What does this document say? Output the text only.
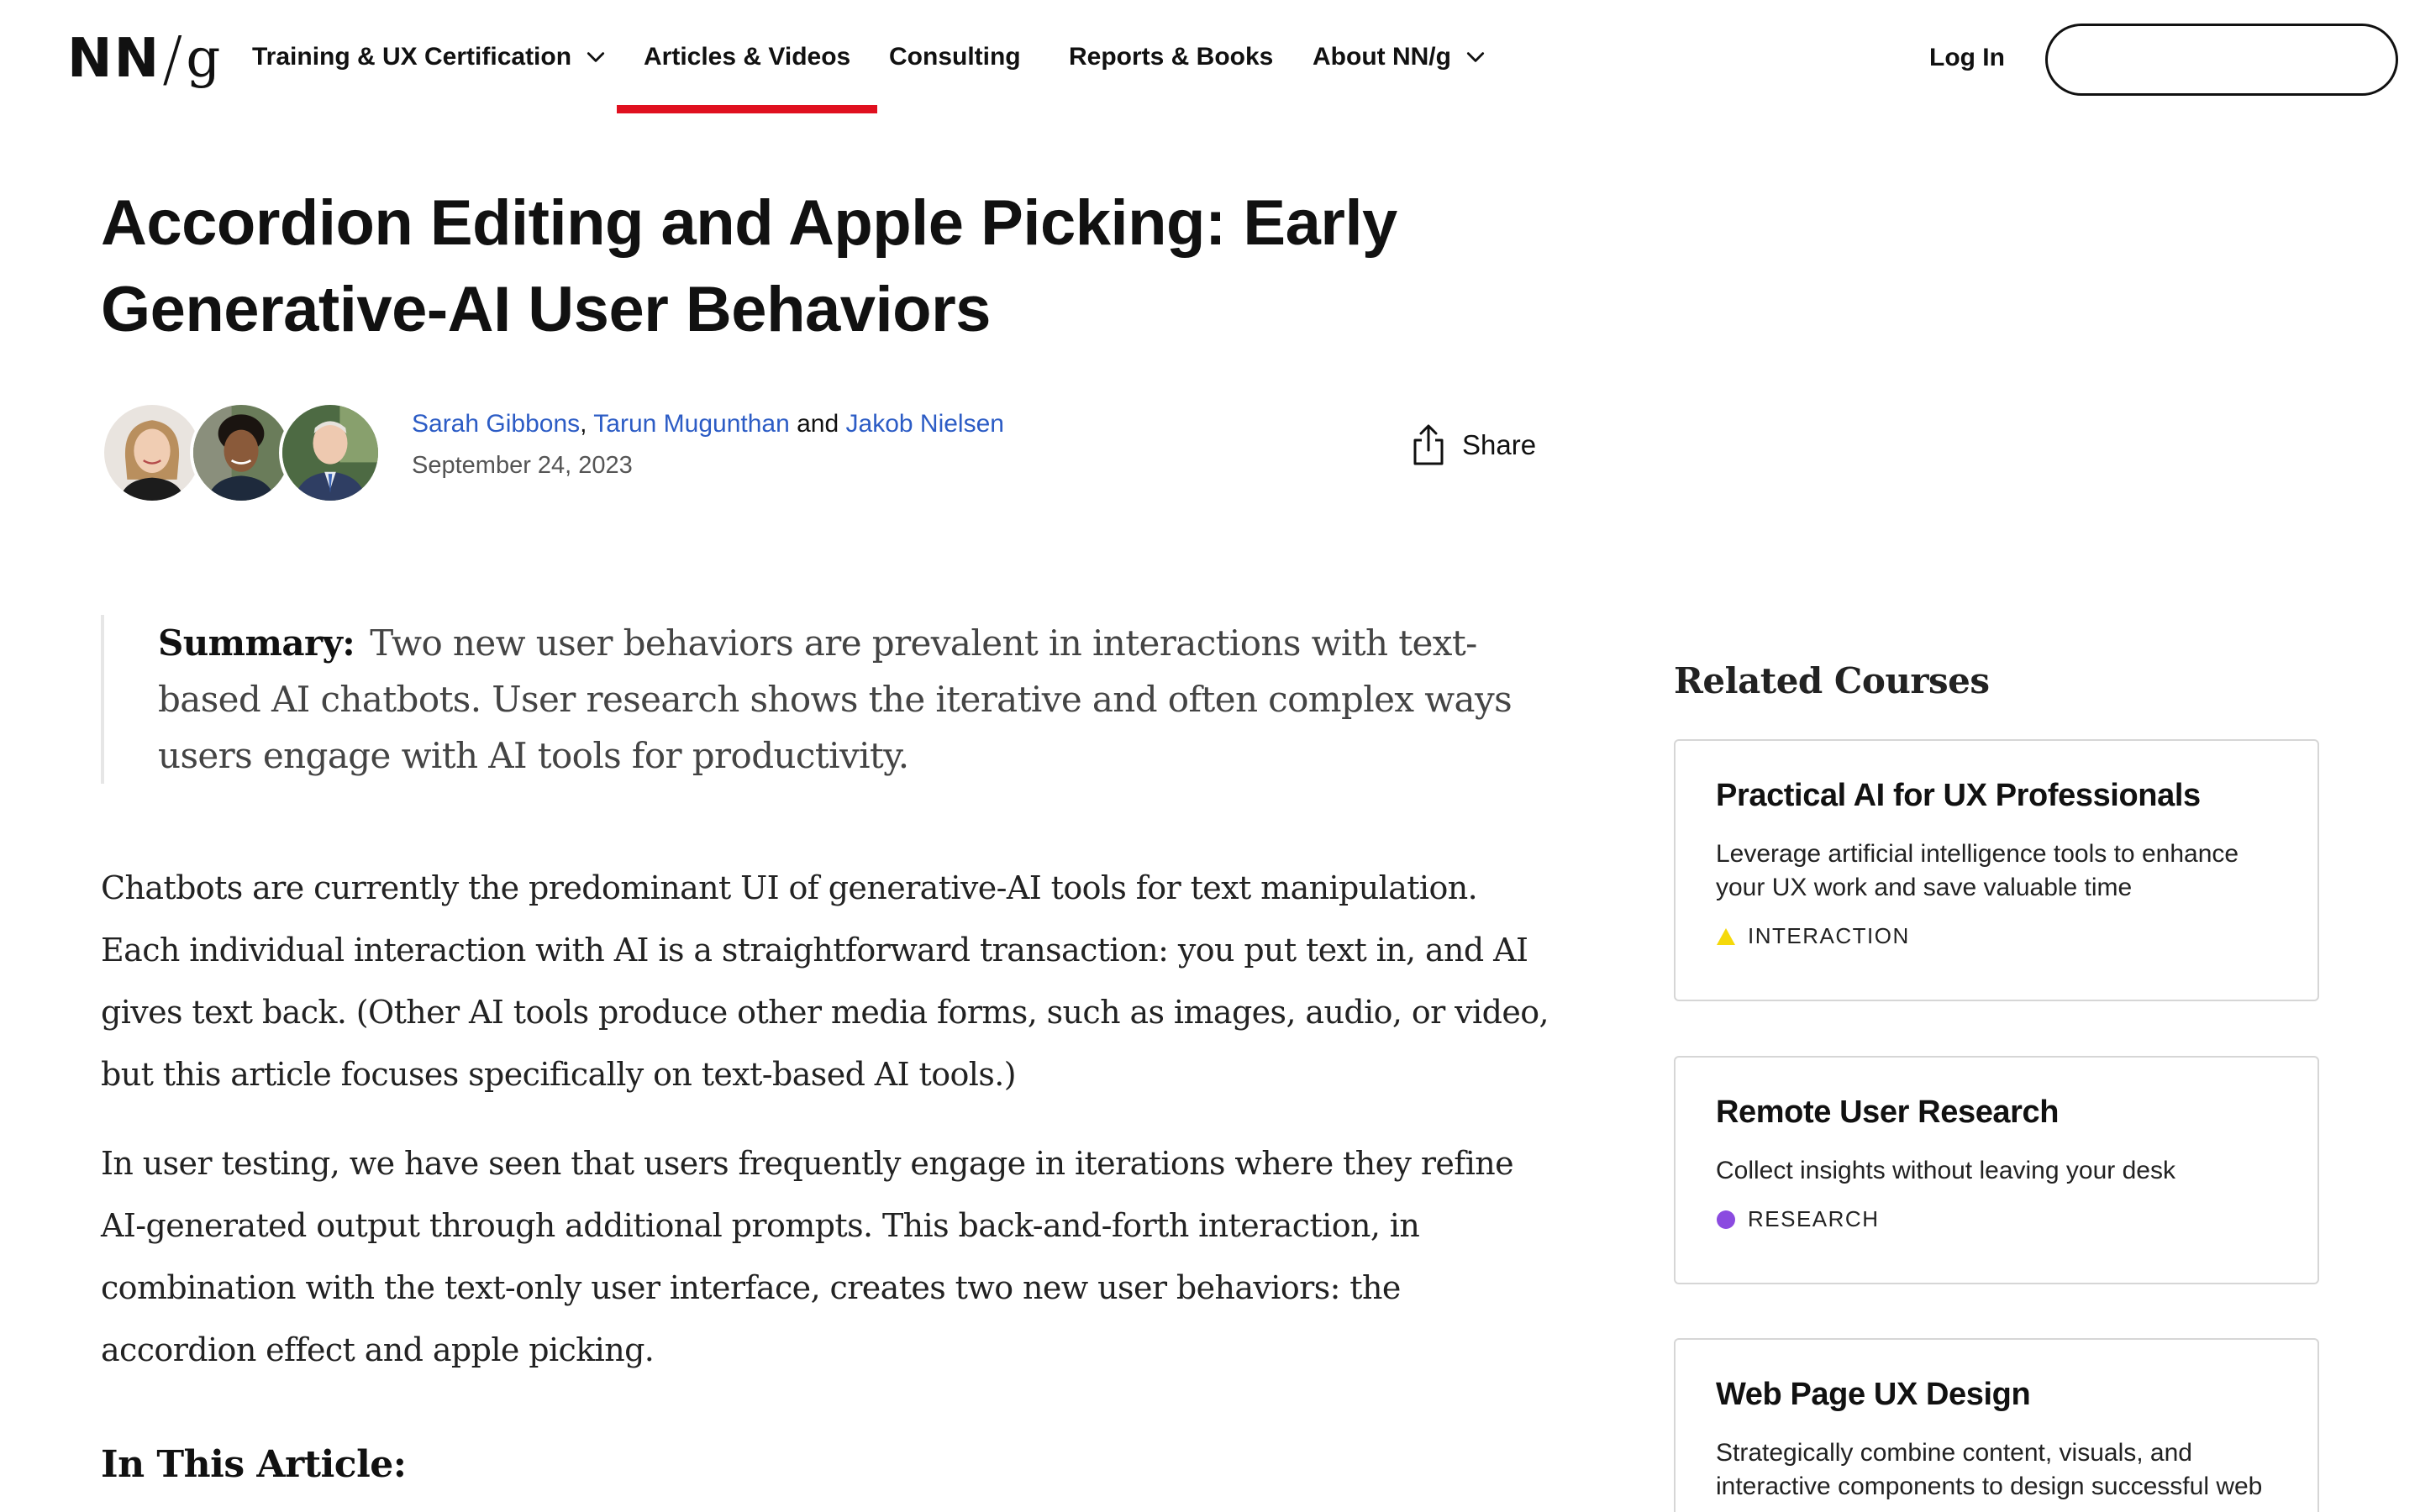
NN / g Training & UX Certification	Articles & Videos Consulting Reports & Books About NN/g	Log In
Accordion Editing and Apple Picking: Early Generative-AI User Behaviors
Sarah Gibbons, Tarun Mugunthan and Jakob Nielsen
September 24, 2023
Share
Summary: Two new user behaviors are prevalent in interactions with text-based AI chatbots. User research shows the iterative and often complex ways users engage with AI tools for productivity.

Chatbots are currently the predominant UI of generative-AI tools for text manipulation. Each individual interaction with AI is a straightforward transaction: you put text in, and AI gives text back. (Other AI tools produce other media forms, such as images, audio, or video, but this article focuses specifically on text-based AI tools.)

In user testing, we have seen that users frequently engage in iterations where they refine AI-generated output through additional prompts. This back-and-forth interaction, in combination with the text-only user interface, creates two new user behaviors: the accordion effect and apple picking.

In This Article:
Related Courses
Practical AI for UX Professionals
Leverage artificial intelligence tools to enhance your UX work and save valuable time
INTERACTION
Remote User Research
Collect insights without leaving your desk
RESEARCH
Web Page UX Design
Strategically combine content, visuals, and interactive components to design successful web
